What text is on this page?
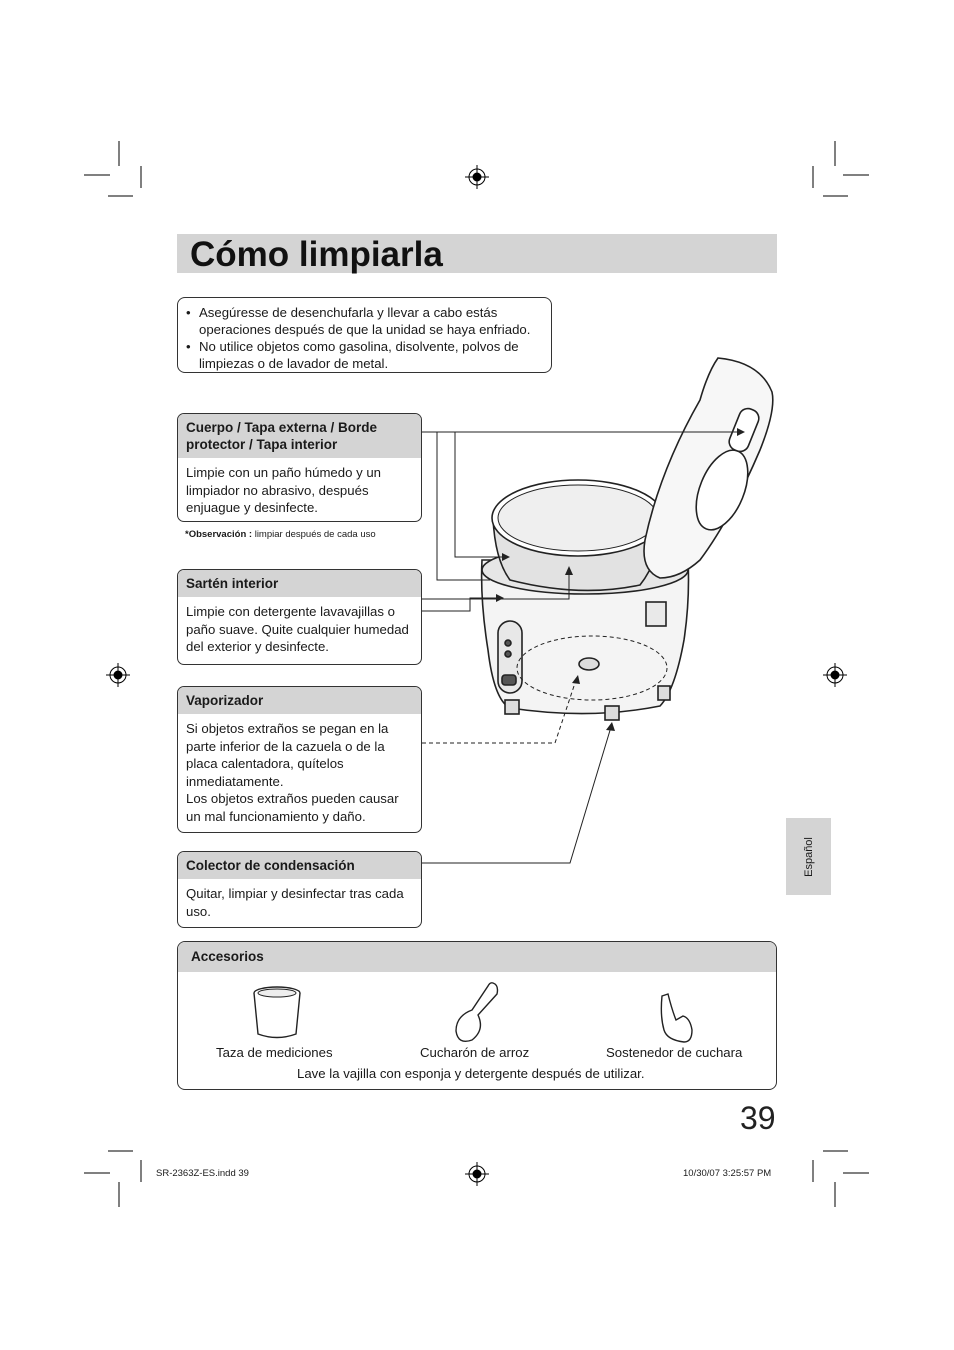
Cómo limpiarla
• Asegúresse de desenchufarla y llevar a cabo estás operaciones después de que la unidad se haya enfriado.
• No utilice objetos como gasolina, disolvente, polvos de limpiezas o de lavador de metal.
Cuerpo / Tapa externa / Borde protector / Tapa interior
Limpie con un paño húmedo y un limpiador no abrasivo, después enjuague y desinfecte.
*Observación : limpiar después de cada uso
Sartén interior
Limpie con detergente lavavajillas o paño suave. Quite cualquier humedad del exterior y desinfecte.
Vaporizador
Si objetos extraños se pegan en la parte inferior de la cazuela o de la placa calentadora, quítelos inmediatamente.
Los objetos extraños pueden causar un mal funcionamiento y daño.
Colector de condensación
Quitar, limpiar y desinfectar tras cada uso.
Accesorios
Taza de mediciones	Cucharón de arroz	Sostenedor de cuchara
Lave la vajilla con esponja y detergente después de utilizar.
Español
39
SR-2363Z-ES.indd 39	10/30/07 3:25:57 PM
